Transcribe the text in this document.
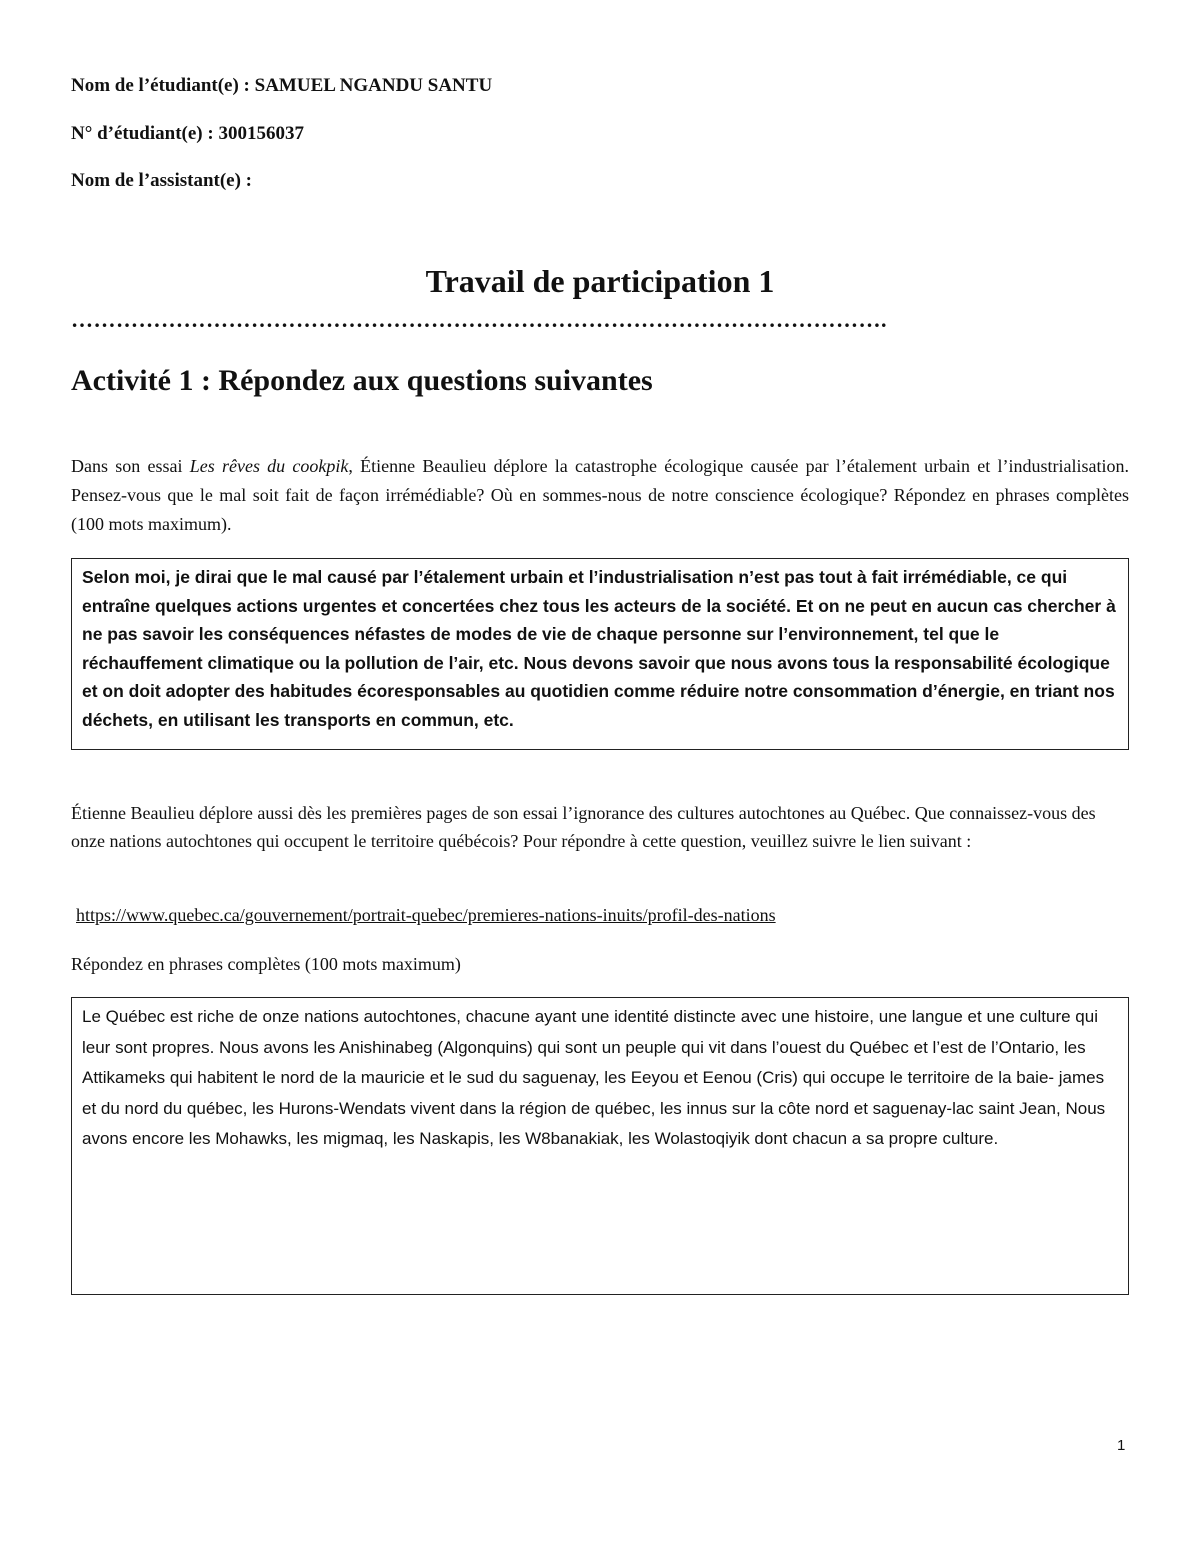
Nom de l’étudiant(e) : SAMUEL NGANDU SANTU

N° d’étudiant(e) : 300156037

Nom de l’assistant(e) :

Travail de participation 1
……………………………………………………………………………………………….
Activité 1 : Répondez aux questions suivantes

Dans son essai Les rêves du cookpik, Étienne Beaulieu déplore la catastrophe écologique causée par l’étalement urbain et l’industrialisation. Pensez-vous que le mal soit fait de façon irrémédiable? Où en sommes-nous de notre conscience écologique? Répondez en phrases complètes (100 mots maximum).

Selon moi, je dirai que le mal causé par l’étalement urbain et l’industrialisation n’est pas tout à fait irrémédiable, ce qui entraîne quelques actions urgentes et concertées chez tous les acteurs de la société. Et on ne peut en aucun cas chercher à ne pas savoir les conséquences néfastes de modes de vie de chaque personne sur l’environnement, tel que le réchauffement climatique ou la pollution de l’air, etc. Nous devons savoir que nous avons tous la responsabilité écologique et on doit adopter des habitudes écoresponsables au quotidien comme réduire notre consommation d’énergie, en triant nos déchets, en utilisant les transports en commun, etc.

Étienne Beaulieu déplore aussi dès les premières pages de son essai l’ignorance des cultures autochtones au Québec. Que connaissez-vous des onze nations autochtones qui occupent le territoire québécois? Pour répondre à cette question, veuillez suivre le lien suivant :

https://www.quebec.ca/gouvernement/portrait-quebec/premieres-nations-inuits/profil-des-nations

Répondez en phrases complètes (100 mots maximum)

Le Québec est riche de onze nations autochtones, chacune ayant une identité distincte avec une histoire, une langue et une culture qui leur sont propres. Nous avons les Anishinabeg (Algonquins) qui sont un peuple qui vit dans l’ouest du Québec et l’est de l’Ontario, les Attikameks qui habitent le nord de la mauricie et le sud du saguenay, les Eeyou et Eenou (Cris) qui occupe le territoire de la baie- james et du nord du québec, les Hurons-Wendats vivent dans la région de québec, les innus sur la côte nord et saguenay-lac saint Jean, Nous avons encore les Mohawks, les migmaq, les Naskapis, les W8banakiak, les Wolastoqiyik dont chacun a sa propre culture.

1
